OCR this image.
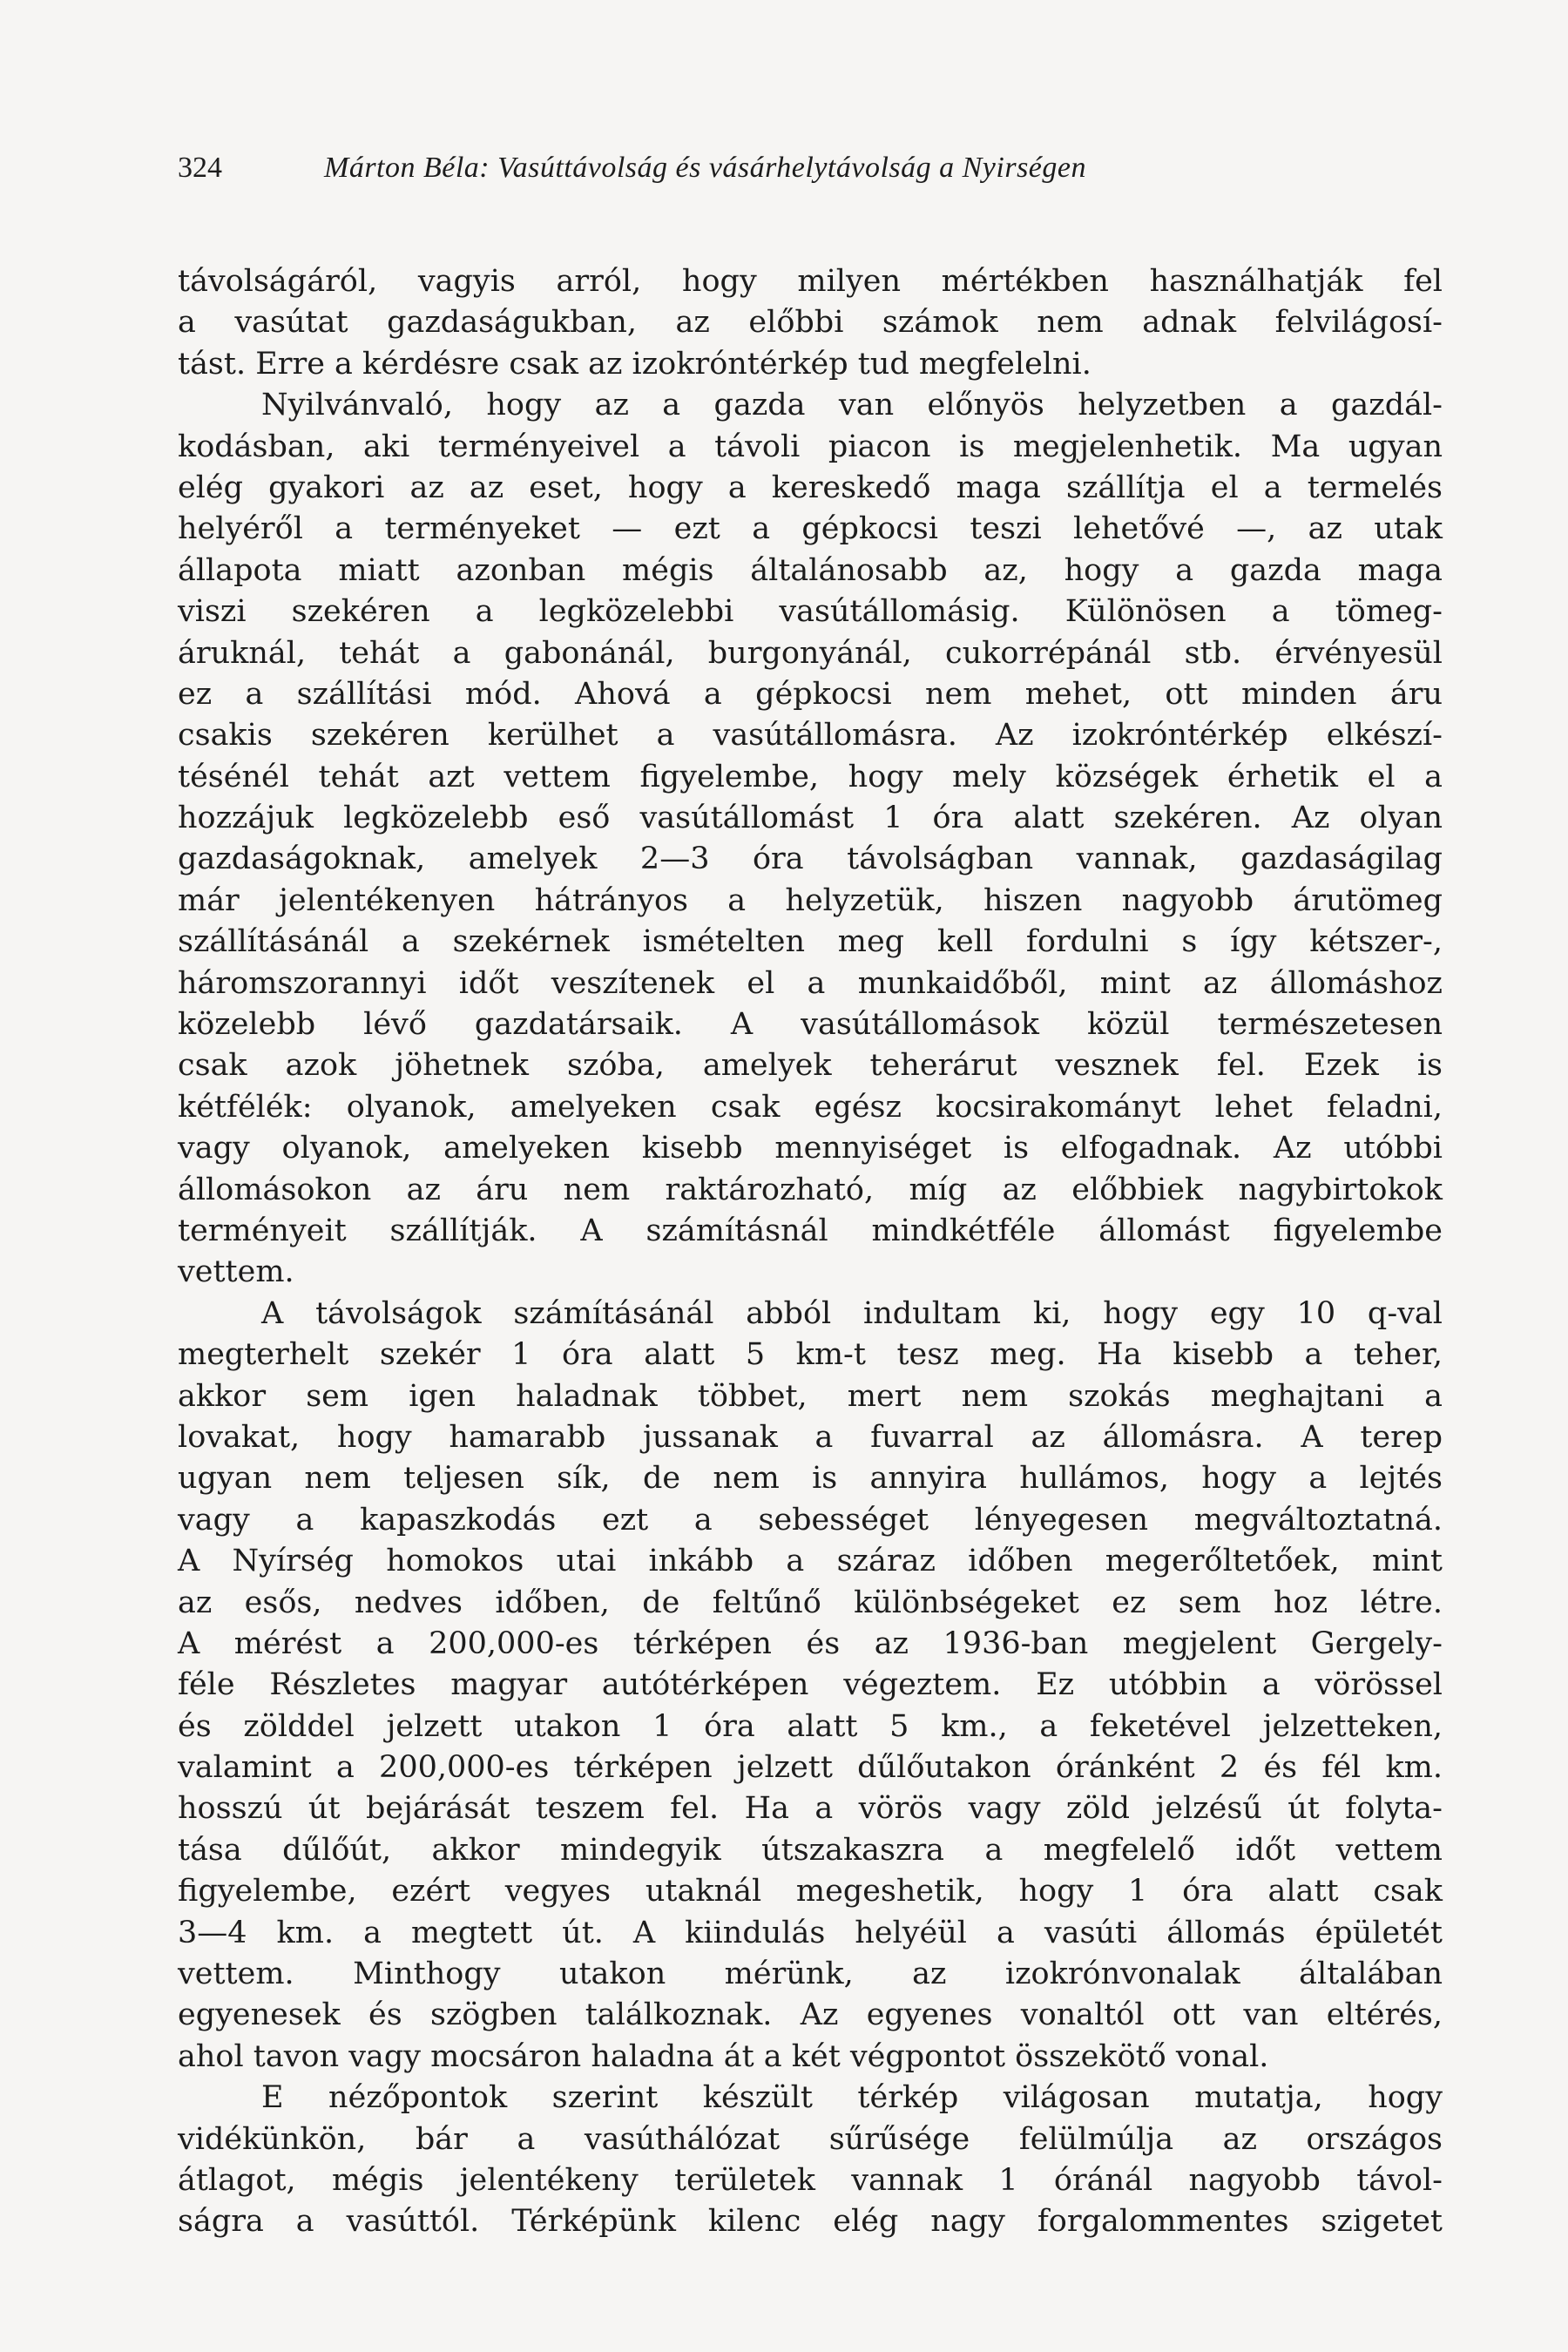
324	Márton Béla: Vasúttávolság és vásárhelytávolság a Nyirségen
távolságáról, vagyis arról, hogy milyen mértékben használhatják fel
a vasútat gazdaságukban, az előbbi számok nem adnak felvilágosí-
tást. Erre a kérdésre csak az izokróntérkép tud megfelelni.
Nyilvánvaló, hogy az a gazda van előnyös helyzetben a gazdál-
kodásban, aki terményeivel a távoli piacon is megjelenhetik. Ma ugyan
elég gyakori az az eset, hogy a kereskedő maga szállítja el a termelés
helyéről a terményeket — ezt a gépkocsi teszi lehetővé —, az utak
állapota miatt azonban mégis általánosabb az, hogy a gazda maga
viszi szekéren a legközelebbi vasútállomásig. Különösen a tömeg-
áruknál, tehát a gabonánál, burgonyánál, cukorrépánál stb. érvényesül
ez a szállítási mód. Ahová a gépkocsi nem mehet, ott minden áru
csakis szekéren kerülhet a vasútállomásra. Az izokróntérkép elkészí-
tésénél tehát azt vettem figyelembe, hogy mely községek érhetik el a
hozzájuk legközelebb eső vasútállomást 1 óra alatt szekéren. Az olyan
gazdaságoknak, amelyek 2—3 óra távolságban vannak, gazdaságilag
már jelentékenyen hátrányos a helyzetük, hiszen nagyobb árutömeg
szállításánál a szekérnek ismételten meg kell fordulni s így kétszer-,
háromszorannyi időt veszítenek el a munkaidőből, mint az állomáshoz
közelebb lévő gazdatársaik. A vasútállomások közül természetesen
csak azok jöhetnek szóba, amelyek teherárut vesznek fel. Ezek is
kétfélék: olyanok, amelyeken csak egész kocsirakományt lehet feladni,
vagy olyanok, amelyeken kisebb mennyiséget is elfogadnak. Az utóbbi
állomásokon az áru nem raktározható, míg az előbbiek nagybirtokok
terményeit szállítják. A számításnál mindkétféle állomást figyelembe
vettem.
A távolságok számításánál abból indultam ki, hogy egy 10 q-val
megterhelt szekér 1 óra alatt 5 km-t tesz meg. Ha kisebb a teher,
akkor sem igen haladnak többet, mert nem szokás meghajtani a
lovakat, hogy hamarabb jussanak a fuvarral az állomásra. A terep
ugyan nem teljesen sík, de nem is annyira hullámos, hogy a lejtés
vagy a kapaszkodás ezt a sebességet lényegesen megváltoztatná.
A Nyírség homokos utai inkább a száraz időben megerőltetőek, mint
az esős, nedves időben, de feltűnő különbségeket ez sem hoz létre.
A mérést a 200,000-es térképen és az 1936-ban megjelent Gergely-
féle Részletes magyar autótérképen végeztem. Ez utóbbin a vörössel
és zölddel jelzett utakon 1 óra alatt 5 km., a feketével jelzetteken,
valamint a 200,000-es térképen jelzett dűlőutakon óránként 2 és fél km.
hosszú út bejárását teszem fel. Ha a vörös vagy zöld jelzésű út folyta-
tása dűlőút, akkor mindegyik útszakaszra a megfelelő időt vettem
figyelembe, ezért vegyes utaknál megeshetik, hogy 1 óra alatt csak
3—4 km. a megtett út. A kiindulás helyéül a vasúti állomás épületét
vettem. Minthogy utakon mérünk, az izokrónvonalak általában
egyenesek és szögben találkoznak. Az egyenes vonaltól ott van eltérés,
ahol tavon vagy mocsáron haladna át a két végpontot összekötő vonal.
E nézőpontok szerint készült térkép világosan mutatja, hogy
vidékünkön, bár a vasúthálózat sűrűsége felülmúlja az országos
átlagot, mégis jelentékeny területek vannak 1 óránál nagyobb távol-
ságra a vasúttól. Térképünk kilenc elég nagy forgalommentes szigetet
